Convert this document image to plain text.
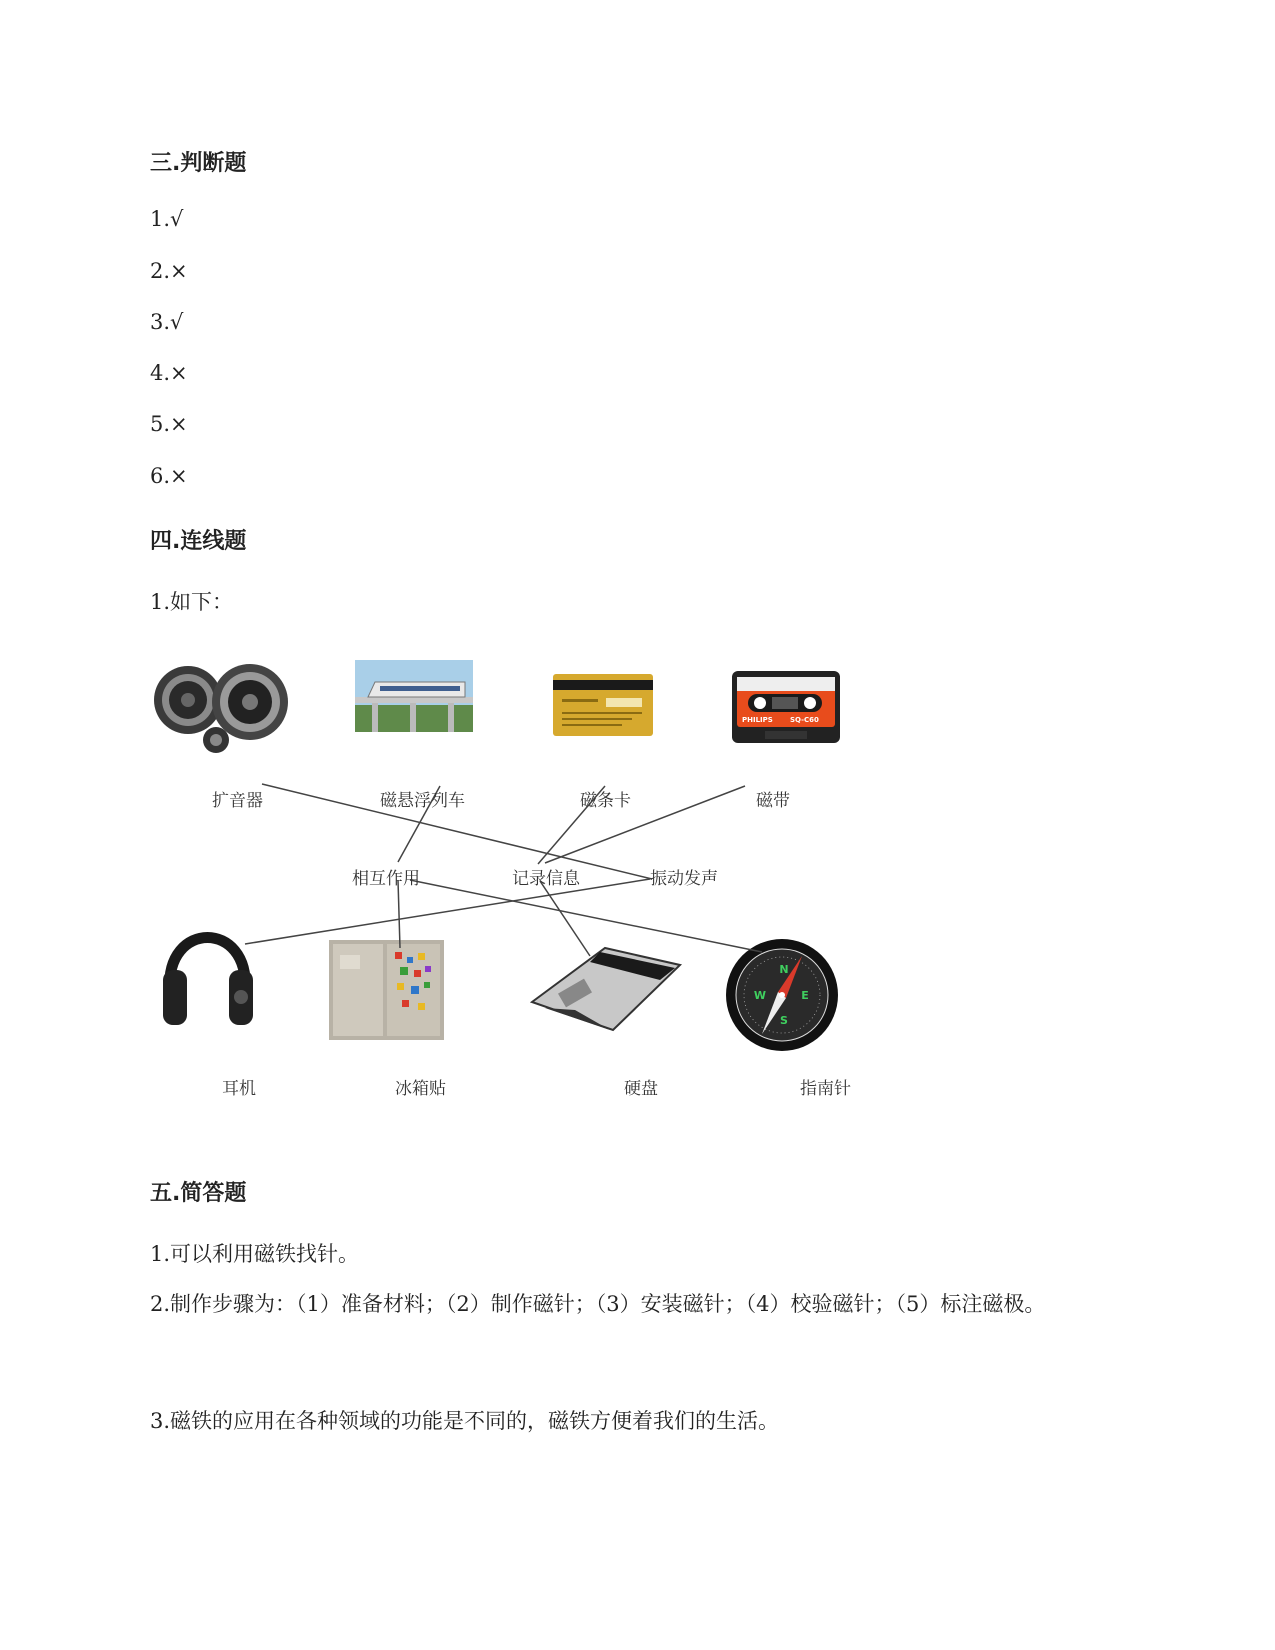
三.判断题
1.√
2.×
3.√
4.×
5.×
6.×
四.连线题
1.如下：
PHILIPS SQ-C60
N
E
S
W
扩音器	磁悬浮列车	磁条卡	磁带
相互作用	记录信息	振动发声
耳机	冰箱贴	硬盘	指南针
五.简答题
1.可以利用磁铁找针。
2.制作步骤为：（1）准备材料；（2）制作磁针；（3）安装磁针；（4）校验磁针；（5）标注磁极。
3.磁铁的应用在各种领域的功能是不同的，磁铁方便着我们的生活。
